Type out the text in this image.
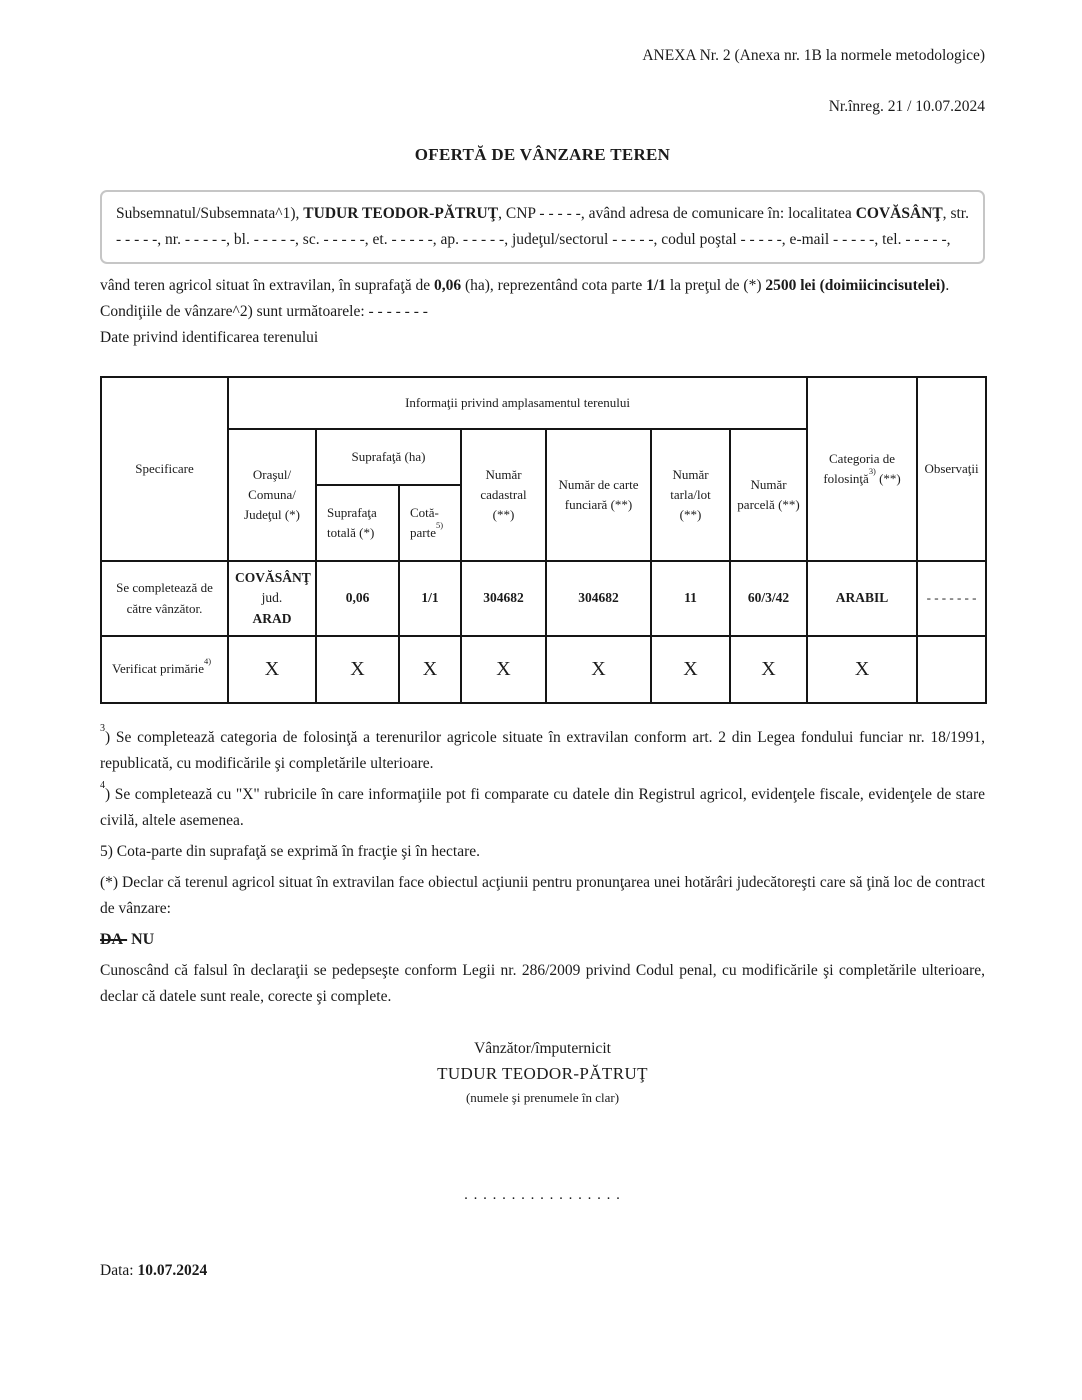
ANEXA Nr. 2 (Anexa nr. 1B la normele metodologice)
Nr.înreg. 21 / 10.07.2024
OFERTĂ DE VÂNZARE TEREN

Subsemnatul/Subsemnata^1), TUDUR TEODOR-PĂTRUŢ, CNP - - - - -, având adresa de comunicare în: localitatea COVĂSÂNŢ, str. - - - - -, nr. - - - - -, bl. - - - - -, sc. - - - - -, et. - - - - -, ap. - - - - -, judeţul/sectorul - - - - -, codul poştal - - - - -, e-mail - - - - -, tel. - - - - -,

vând teren agricol situat în extravilan, în suprafaţă de 0,06 (ha), reprezentând cota parte 1/1 la preţul de (*) 2500 lei (doimiicincisutelei).

Condiţiile de vânzare^2) sunt următoarele: - - - - - - -

Date privind identificarea terenului

Specificare	Informaţii privind amplasamentul terenului							Categoria de folosinţă$^{3)}$ (**)	Observaţii
	Oraşul/
Comuna/
Judeţul (*)	Suprafaţă (ha)		Număr cadastral (**)	Număr de carte funciară (**)	Număr tarla/lot (**)	Număr parcelă (**)		
		Suprafaţa totală (*)	Cotă-parte$^{5)}$
Se completează de către vânzător.	COVĂSÂNŢ
jud.
ARAD	0,06	1/1	304682	304682	11	60/3/42	ARABIL	- - - - - - -
Verificat primărie$^{4)}$	X	X	X	X	X	X	X	X	

$^3$) Se completează categoria de folosinţă a terenurilor agricole situate în extravilan conform art. 2 din Legea fondului funciar nr. 18/1991, republicată, cu modificările şi completările ulterioare.

$^4$) Se completează cu "X" rubricile în care informaţiile pot fi comparate cu datele din Registrul agricol, evidenţele fiscale, evidenţele de stare civilă, altele asemenea.

5) Cota-parte din suprafaţă se exprimă în fracţie şi în hectare.

(*) Declar că terenul agricol situat în extravilan face obiectul acţiunii pentru pronunţarea unei hotărâri judecătoreşti care să ţină loc de contract de vânzare:

DA  NU

Cunoscând că falsul în declaraţii se pedepseşte conform Legii nr. 286/2009 privind Codul penal, cu modificările şi completările ulterioare, declar că datele sunt reale, corecte şi complete.

Vânzător/împuternicit
TUDUR TEODOR-PĂTRUŢ
(numele şi prenumele în clar)
. . . . . . . . . . . . . . . . .

Data: 10.07.2024
